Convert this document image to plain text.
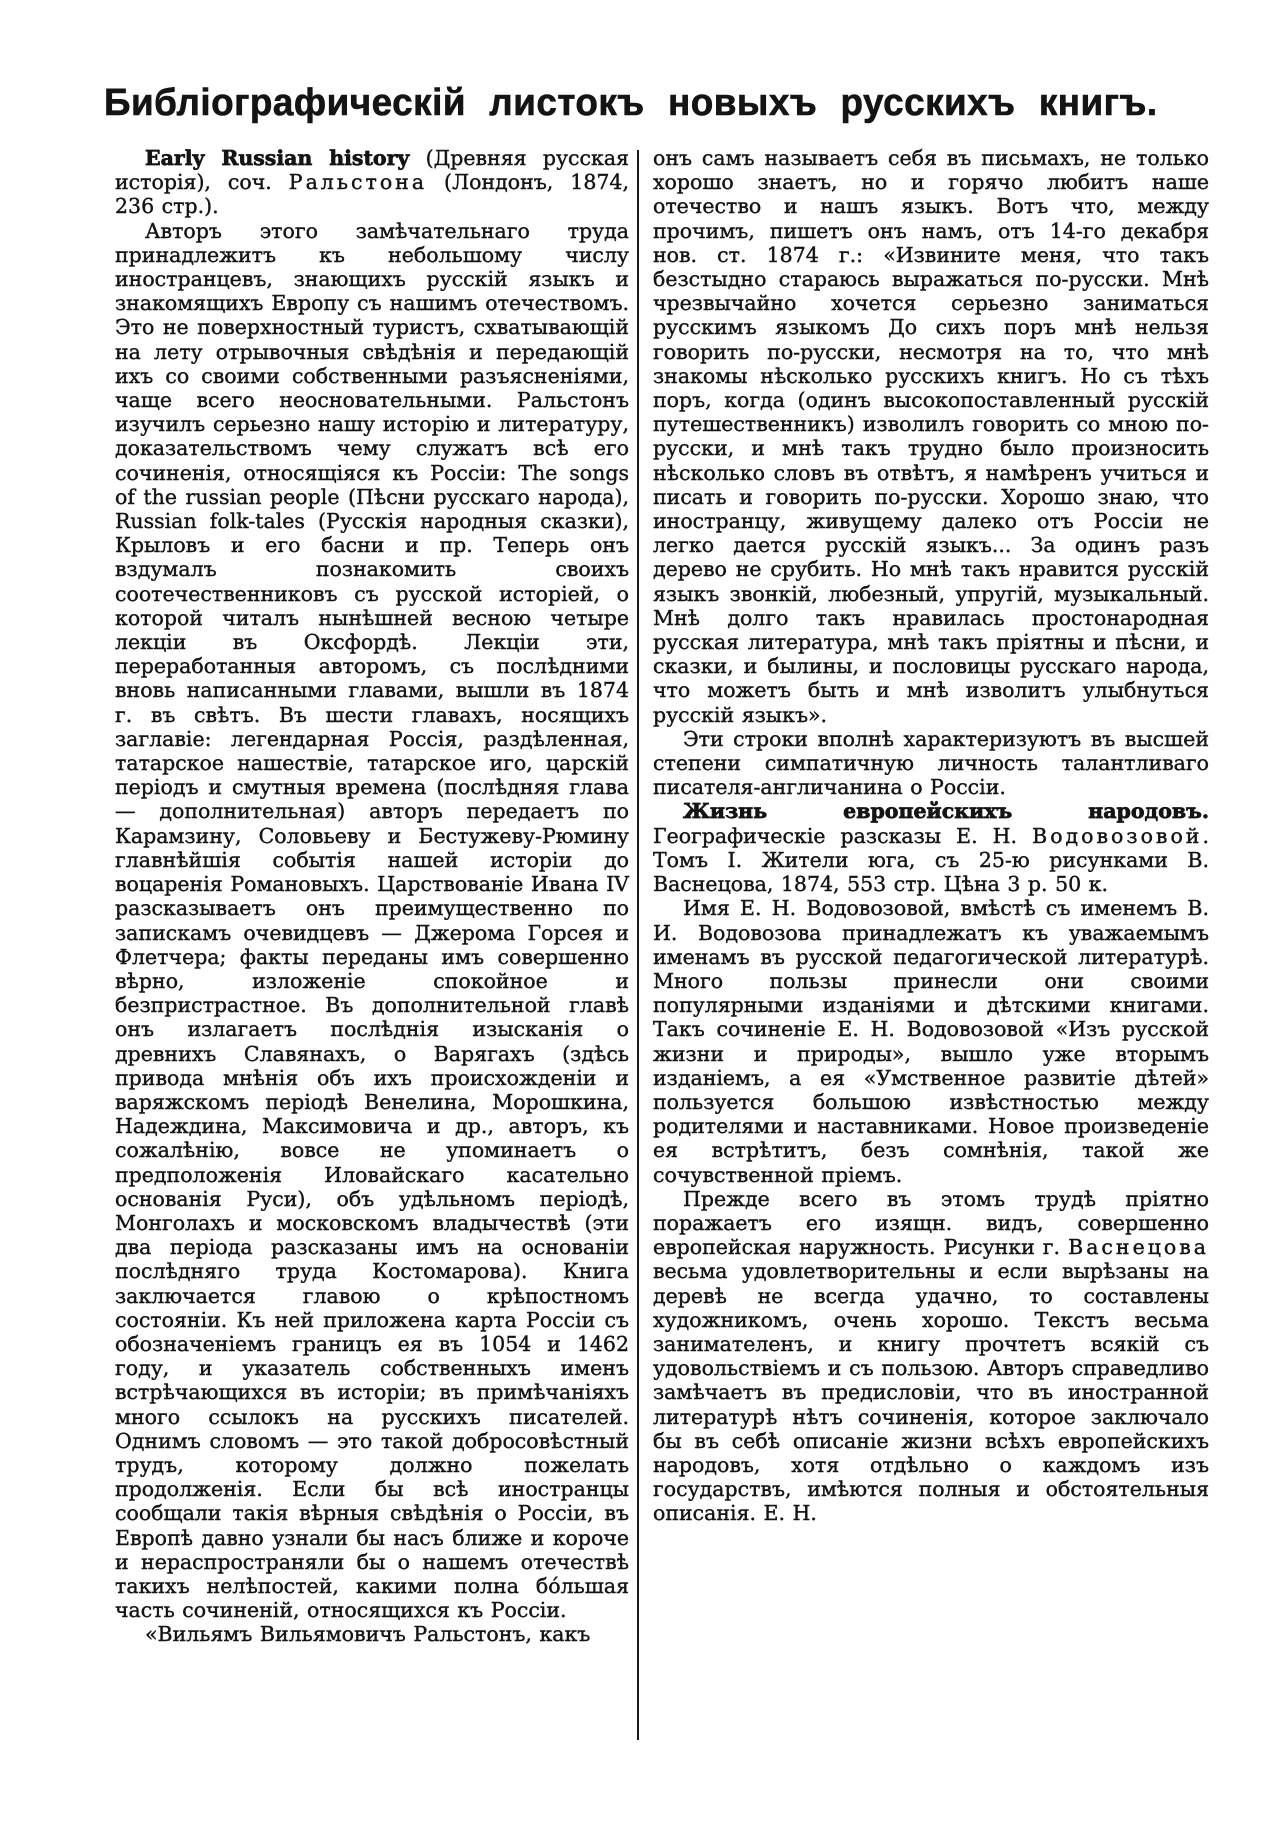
Библіографическій листокъ новыхъ русскихъ книгъ.

Early Russian history (Древняя русская исторія), соч. Ральстона (Лондонъ, 1874, 236 стр.).

Авторъ этого замѣчательнаго труда принадлежитъ къ небольшому числу иностранцевъ, знающихъ русскій языкъ и знакомящихъ Европу съ нашимъ отечествомъ. Это не поверхностный туристъ, схватывающій на лету отрывочныя свѣдѣнія и передающій ихъ со своими собственными разъясненіями, чаще всего неосновательными. Ральстонъ изучилъ серьезно нашу исторію и литературу, доказательствомъ чему служатъ всѣ его сочиненія, относящіяся къ Россіи: The songs of the russian people (Пѣсни русскаго народа), Russian folk-tales (Русскія народныя сказки), Крыловъ и его басни и пр. Теперь онъ вздумалъ познакомить своихъ соотечественниковъ съ русской исторіей, о которой читалъ нынѣшней весною четыре лекціи въ Оксфордѣ. Лекціи эти, переработанныя авторомъ, съ послѣдними вновь написанными главами, вышли въ 1874 г. въ свѣтъ. Въ шести главахъ, носящихъ заглавіе: легендарная Россія, раздѣленная, татарское нашествіе, татарское иго, царскій періодъ и смутныя времена (послѣдняя глава — дополнительная) авторъ передаетъ по Карамзину, Соловьеву и Бестужеву-Рюмину главнѣйшія событія нашей исторіи до воцаренія Романовыхъ. Царствованіе Ивана IV разсказываетъ онъ преимущественно по запискамъ очевидцевъ — Джерома Горсея и Флетчера; факты переданы имъ совершенно вѣрно, изложеніе спокойное и безпристрастное. Въ дополнительной главѣ онъ излагаетъ послѣднія изысканія о древнихъ Славянахъ, о Варягахъ (здѣсь привода мнѣнія объ ихъ происхожденіи и варяжскомъ періодѣ Венелина, Морошкина, Надеждина, Максимовича и др., авторъ, къ сожалѣнію, вовсе не упоминаетъ о предположенія Иловайскаго касательно основанія Руси), объ удѣльномъ періодѣ, Монголахъ и московскомъ владычествѣ (эти два періода разсказаны имъ на основаніи послѣдняго труда Костомарова). Книга заключается главою о крѣпостномъ состояніи. Къ ней приложена карта Россіи съ обозначеніемъ границъ ея въ 1054 и 1462 году, и указатель собственныхъ именъ встрѣчающихся въ исторіи; въ примѣчаніяхъ много ссылокъ на русскихъ писателей. Однимъ словомъ — это такой добросовѣстный трудъ, которому должно пожелать продолженія. Если бы всѣ иностранцы сообщали такія вѣрныя свѣдѣнія о Россіи, въ Европѣ давно узнали бы насъ ближе и короче и нераспространяли бы о нашемъ отечествѣ такихъ нелѣпостей, какими полна бо́льшая часть сочиненій, относящихся къ Россіи.

«Вильямъ Вильямовичъ Ральстонъ, какъ

онъ самъ называетъ себя въ письмахъ, не только хорошо знаетъ, но и горячо любитъ наше отечество и нашъ языкъ. Вотъ что, между прочимъ, пишетъ онъ намъ, отъ 14-го декабря нов. ст. 1874 г.: «Извините меня, что такъ безстыдно стараюсь выражаться по-русски. Мнѣ чрезвычайно хочется серьезно заниматься русскимъ языкомъ До сихъ поръ мнѣ нельзя говорить по-русски, несмотря на то, что мнѣ знакомы нѣсколько русскихъ книгъ. Но съ тѣхъ поръ, когда (одинъ высокопоставленный русскій путешественникъ) изволилъ говорить со мною по-русски, и мнѣ такъ трудно было произносить нѣсколько словъ въ отвѣтъ, я намѣренъ учиться и писать и говорить по-русски. Хорошо знаю, что иностранцу, живущему далеко отъ Россіи не легко дается русскій языкъ... За одинъ разъ дерево не срубить. Но мнѣ такъ нравится русскій языкъ звонкій, любезный, упругій, музыкальный. Мнѣ долго такъ нравилась простонародная русская литература, мнѣ такъ пріятны и пѣсни, и сказки, и былины, и пословицы русскаго народа, что можетъ быть и мнѣ изволитъ улыбнуться русскій языкъ».

Эти строки вполнѣ характеризуютъ въ высшей степени симпатичную личность талантливаго писателя-англичанина о Россіи.

Жизнь европейскихъ народовъ. Географическіе разсказы Е. Н. Водовозовой. Томъ I. Жители юга, съ 25-ю рисунками В. Васнецова, 1874, 553 стр. Цѣна 3 р. 50 к.

Имя Е. Н. Водовозовой, вмѣстѣ съ именемъ В. И. Водовозова принадлежатъ къ уважаемымъ именамъ въ русской педагогической литературѣ. Много пользы принесли они своими популярными изданіями и дѣтскими книгами. Такъ сочиненіе Е. Н. Водовозовой «Изъ русской жизни и природы», вышло уже вторымъ изданіемъ, а ея «Умственное развитіе дѣтей» пользуется большою извѣстностью между родителями и наставниками. Новое произведеніе ея встрѣтитъ, безъ сомнѣнія, такой же сочувственной пріемъ.

Прежде всего въ этомъ трудѣ пріятно поражаетъ его изящн. видъ, совершенно европейская наружность. Рисунки г. Васнецова весьма удовлетворительны и если вырѣзаны на деревѣ не всегда удачно, то составлены художникомъ, очень хорошо. Текстъ весьма занимателенъ, и книгу прочтетъ всякій съ удовольствіемъ и съ пользою. Авторъ справедливо замѣчаетъ въ предисловіи, что въ иностранной литературѣ нѣтъ сочиненія, которое заключало бы въ себѣ описаніе жизни всѣхъ европейскихъ народовъ, хотя отдѣльно о каждомъ изъ государствъ, имѣются полныя и обстоятельныя описанія. Е. Н.
